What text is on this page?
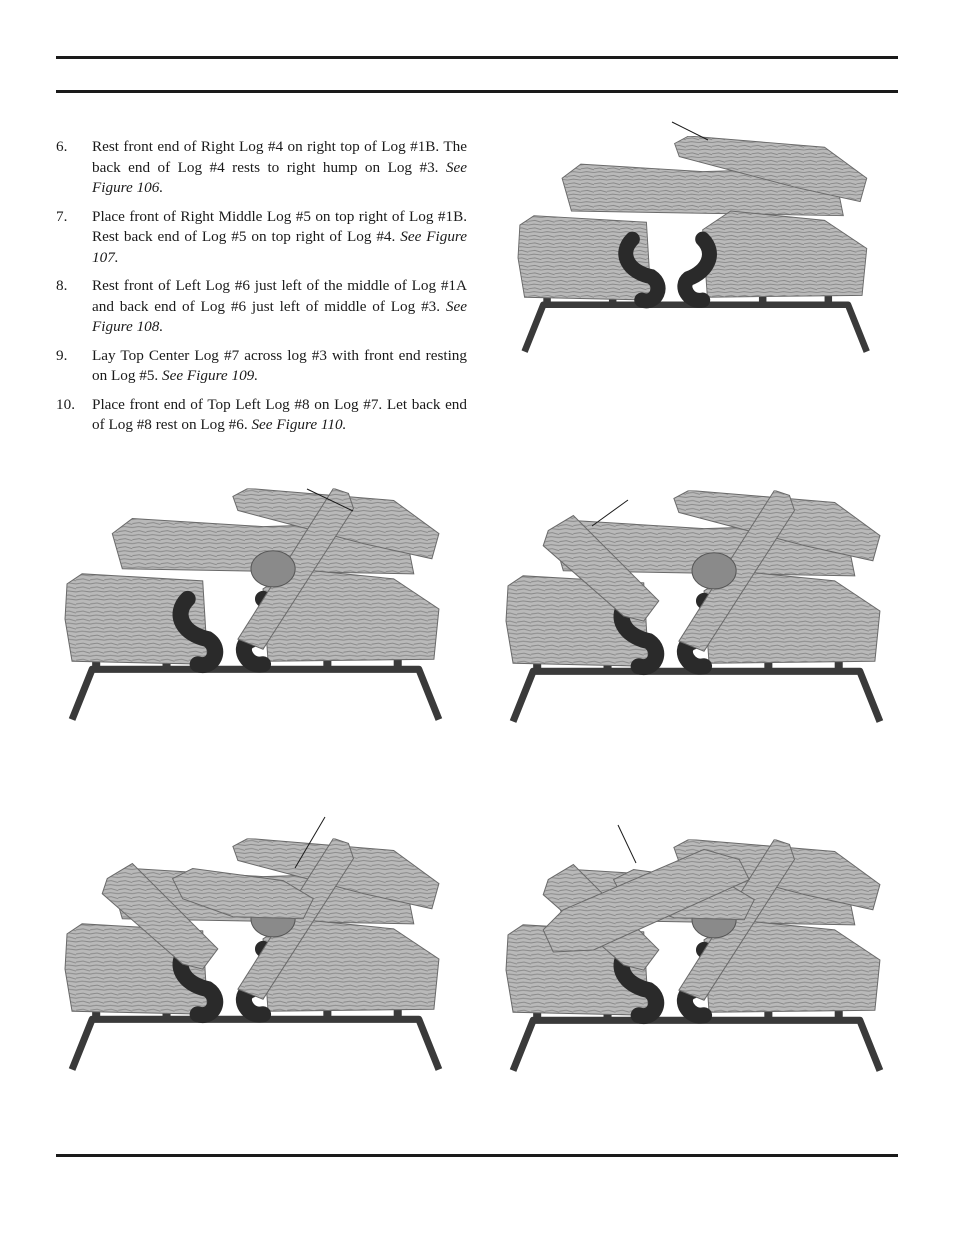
6. Rest front end of Right Log #4 on right top of Log #1B. The back end of Log #4 rests to right hump on Log #3. See Figure 106.
7. Place front of Right Middle Log #5 on top right of Log #1B. Rest back end of Log #5 on top right of Log #4. See Figure 107.
8. Rest front of Left Log #6 just left of the middle of Log #1A and back end of Log #6 just left of middle of Log #3. See Figure 108.
9. Lay Top Center Log #7 across log #3 with front end resting on Log #5. See Figure 109.
10. Place front end of Top Left Log #8 on Log #7. Let back end of Log #8 rest on Log #6. See Figure 110.
